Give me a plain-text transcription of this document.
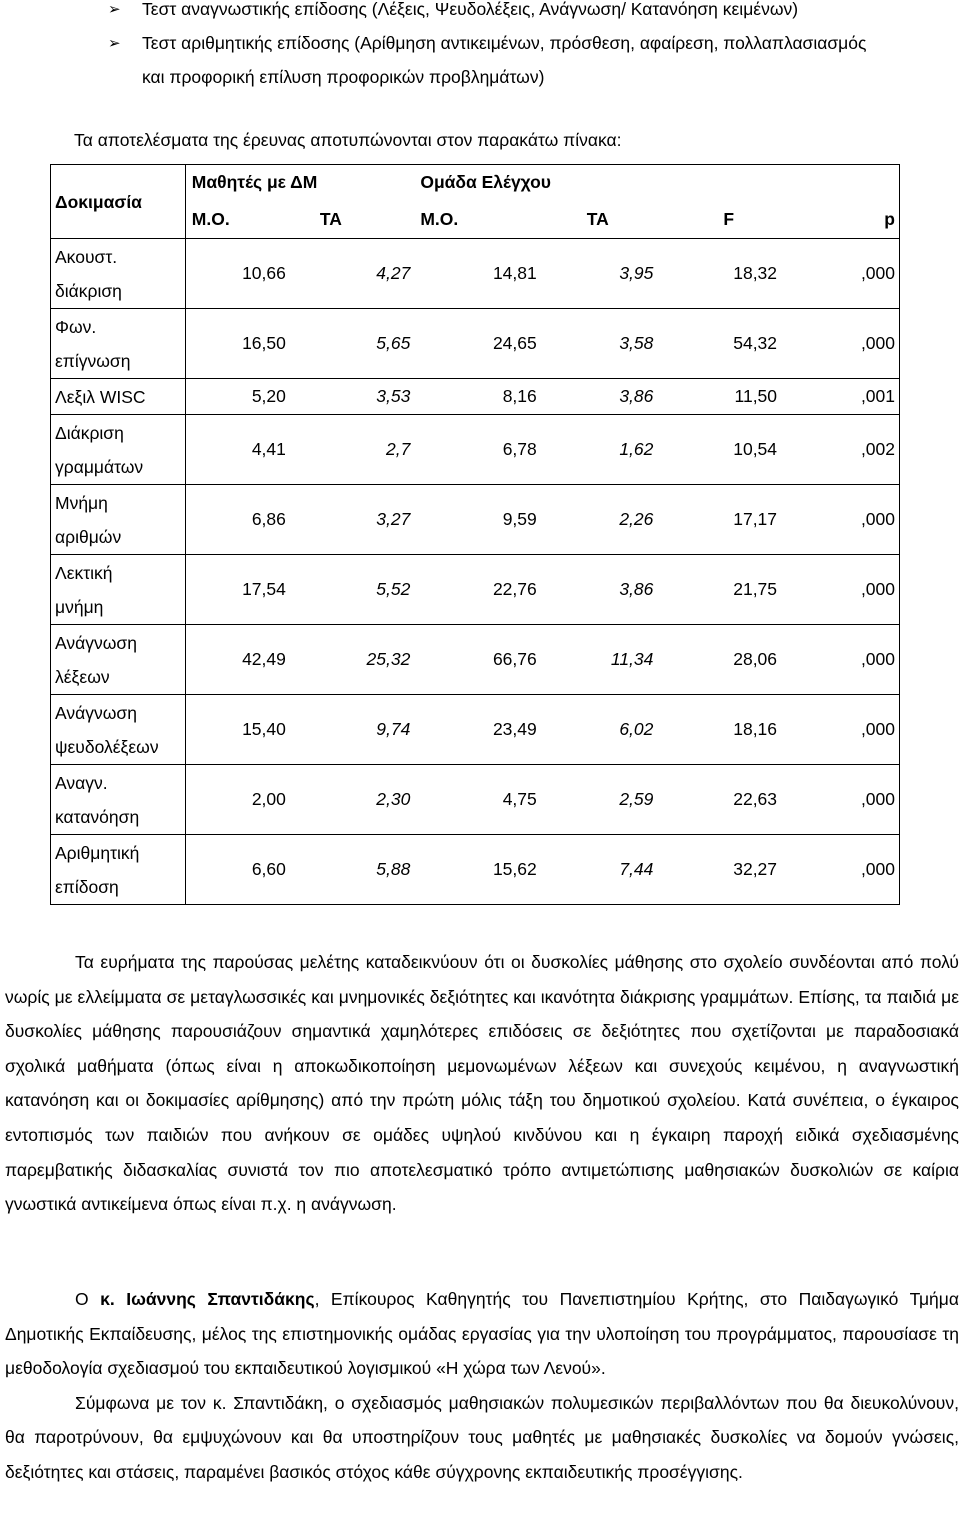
➢	Τεστ αναγνωστικής επίδοσης (Λέξεις, Ψευδολέξεις, Ανάγνωση/ Κατανόηση κειμένων)
➢	Τεστ αριθμητικής επίδοσης (Αρίθμηση αντικειμένων, πρόσθεση, αφαίρεση, πολλαπλασιασμός
και προφορική επίλυση προφορικών προβλημάτων)
Τα αποτελέσματα της έρευνας αποτυπώνονται στον παρακάτω πίνακα:
Δοκιμασία	Μαθητές με ΔΜ		Ομάδα Ελέγχου			
	Μ.Ο.	ΤΑ	Μ.Ο.	ΤΑ	F	p
Ακουστ.
διάκριση	10,66	4,27	14,81	3,95	18,32	,000
Φων.
επίγνωση	16,50	5,65	24,65	3,58	54,32	,000
Λεξιλ WISC	5,20	3,53	8,16	3,86	11,50	,001
Διάκριση
γραμμάτων	4,41	2,7	6,78	1,62	10,54	,002
Μνήμη
αριθμών	6,86	3,27	9,59	2,26	17,17	,000
Λεκτική
μνήμη	17,54	5,52	22,76	3,86	21,75	,000
Ανάγνωση
λέξεων	42,49	25,32	66,76	11,34	28,06	,000
Ανάγνωση
ψευδολέξεων	15,40	9,74	23,49	6,02	18,16	,000
Αναγν.
κατανόηση	2,00	2,30	4,75	2,59	22,63	,000
Αριθμητική
επίδοση	6,60	5,88	15,62	7,44	32,27	,000

Τα ευρήματα της παρούσας μελέτης καταδεικνύουν ότι οι δυσκολίες μάθησης στο σχολείο συνδέονται από πολύ νωρίς με ελλείμματα σε μεταγλωσσικές και μνημονικές δεξιότητες και ικανότητα διάκρισης γραμμάτων. Επίσης, τα παιδιά με δυσκολίες μάθησης παρουσιάζουν σημαντικά χαμηλότερες επιδόσεις σε δεξιότητες που σχετίζονται με παραδοσιακά σχολικά μαθήματα (όπως είναι η αποκωδικοποίηση μεμονωμένων λέξεων και συνεχούς κειμένου, η αναγνωστική κατανόηση και οι δοκιμασίες αρίθμησης) από την πρώτη μόλις τάξη του δημοτικού σχολείου. Κατά συνέπεια, ο έγκαιρος εντοπισμός των παιδιών που ανήκουν σε ομάδες υψηλού κινδύνου και η έγκαιρη παροχή ειδικά σχεδιασμένης παρεμβατικής διδασκαλίας συνιστά τον πιο αποτελεσματικό τρόπο αντιμετώπισης μαθησιακών δυσκολιών σε καίρια γνωστικά αντικείμενα όπως είναι π.χ. η ανάγνωση.

Ο κ. Ιωάννης Σπαντιδάκης, Επίκουρος Καθηγητής του Πανεπιστημίου Κρήτης, στο Παιδαγωγικό Τμήμα Δημοτικής Εκπαίδευσης, μέλος της επιστημονικής ομάδας εργασίας για την υλοποίηση του προγράμματος, παρουσίασε τη μεθοδολογία σχεδιασμού του εκπαιδευτικού λογισμικού «Η χώρα των Λενού».

Σύμφωνα με τον κ. Σπαντιδάκη, ο σχεδιασμός μαθησιακών πολυμεσικών περιβαλλόντων που θα διευκολύνουν, θα παροτρύνουν, θα εμψυχώνουν και θα υποστηρίζουν τους μαθητές με μαθησιακές δυσκολίες να δομούν γνώσεις, δεξιότητες και στάσεις, παραμένει βασικός στόχος κάθε σύγχρονης εκπαιδευτικής προσέγγισης.
